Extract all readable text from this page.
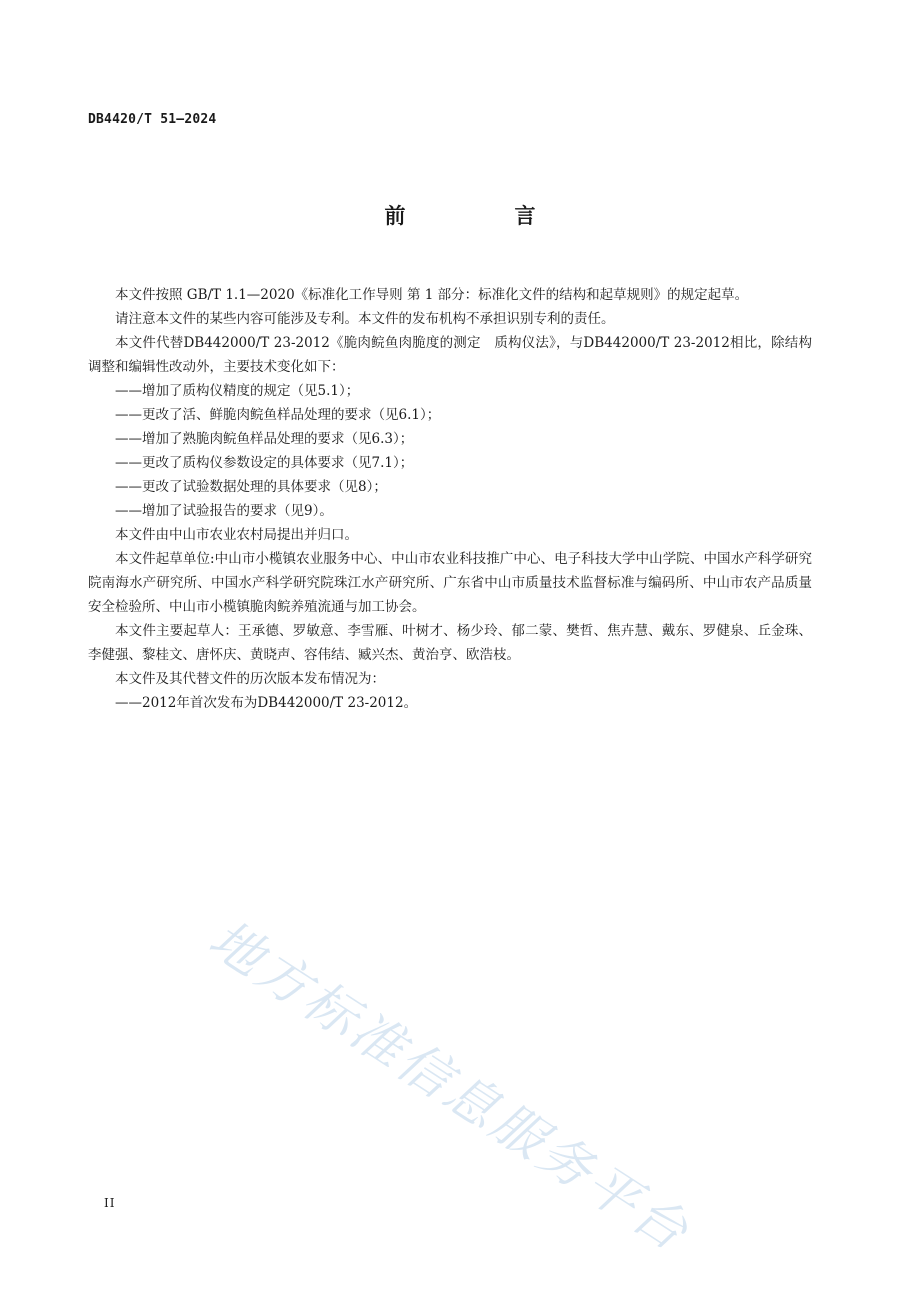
DB4420/T 51—2024
前　言

本文件按照 GB/T 1.1—2020《标准化工作导则 第 1 部分：标准化文件的结构和起草规则》的规定起草。

请注意本文件的某些内容可能涉及专利。本文件的发布机构不承担识别专利的责任。

本文件代替DB442000/T 23-2012《脆肉鲩鱼肉脆度的测定　质构仪法》，与DB442000/T 23-2012相比，除结构调整和编辑性改动外，主要技术变化如下：

——增加了质构仪精度的规定（见5.1）；

——更改了活、鲜脆肉鲩鱼样品处理的要求（见6.1）；

——增加了熟脆肉鲩鱼样品处理的要求（见6.3）；

——更改了质构仪参数设定的具体要求（见7.1）；

——更改了试验数据处理的具体要求（见8）；

——增加了试验报告的要求（见9）。

本文件由中山市农业农村局提出并归口。

本文件起草单位:中山市小榄镇农业服务中心、中山市农业科技推广中心、电子科技大学中山学院、中国水产科学研究院南海水产研究所、中国水产科学研究院珠江水产研究所、广东省中山市质量技术监督标准与编码所、中山市农产品质量安全检验所、中山市小榄镇脆肉鲩养殖流通与加工协会。

本文件主要起草人：王承德、罗敏意、李雪雁、叶树才、杨少玲、郁二蒙、樊哲、焦卉慧、戴东、罗健泉、丘金珠、李健强、黎桂文、唐怀庆、黄晓声、容伟结、臧兴杰、黄治亨、欧浩枝。

本文件及其代替文件的历次版本发布情况为：

——2012年首次发布为DB442000/T 23-2012。

地方标准信息服务平台
II
